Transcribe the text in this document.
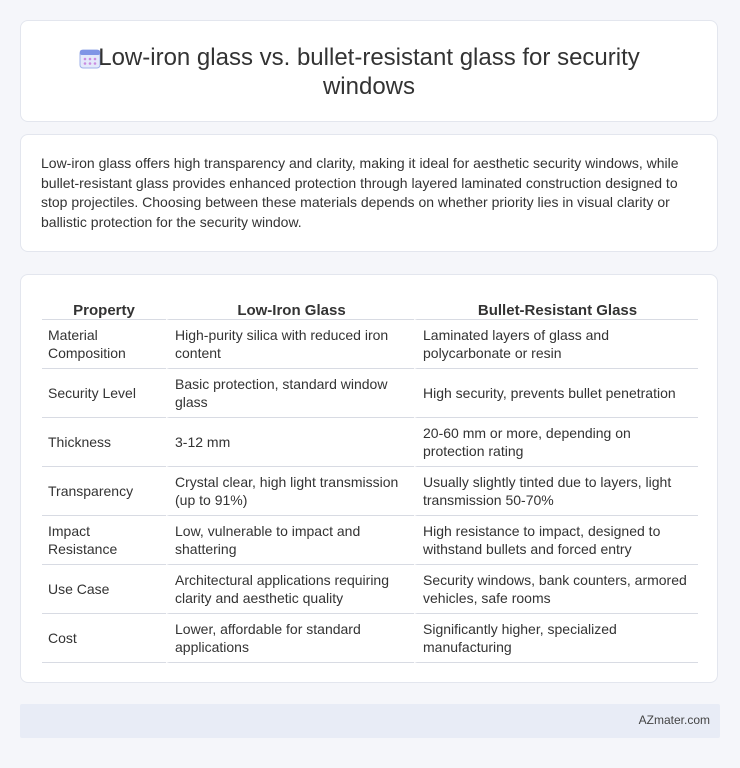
Low-iron glass vs. bullet-resistant glass for security windows
Low-iron glass offers high transparency and clarity, making it ideal for aesthetic security windows, while bullet-resistant glass provides enhanced protection through layered laminated construction designed to stop projectiles. Choosing between these materials depends on whether priority lies in visual clarity or ballistic protection for the security window.
Property	Low-Iron Glass	Bullet-Resistant Glass
Material Composition	High-purity silica with reduced iron content	Laminated layers of glass and polycarbonate or resin
Security Level	Basic protection, standard window glass	High security, prevents bullet penetration
Thickness	3-12 mm	20-60 mm or more, depending on protection rating
Transparency	Crystal clear, high light transmission (up to 91%)	Usually slightly tinted due to layers, light transmission 50-70%
Impact Resistance	Low, vulnerable to impact and shattering	High resistance to impact, designed to withstand bullets and forced entry
Use Case	Architectural applications requiring clarity and aesthetic quality	Security windows, bank counters, armored vehicles, safe rooms
Cost	Lower, affordable for standard applications	Significantly higher, specialized manufacturing
AZmater.com
